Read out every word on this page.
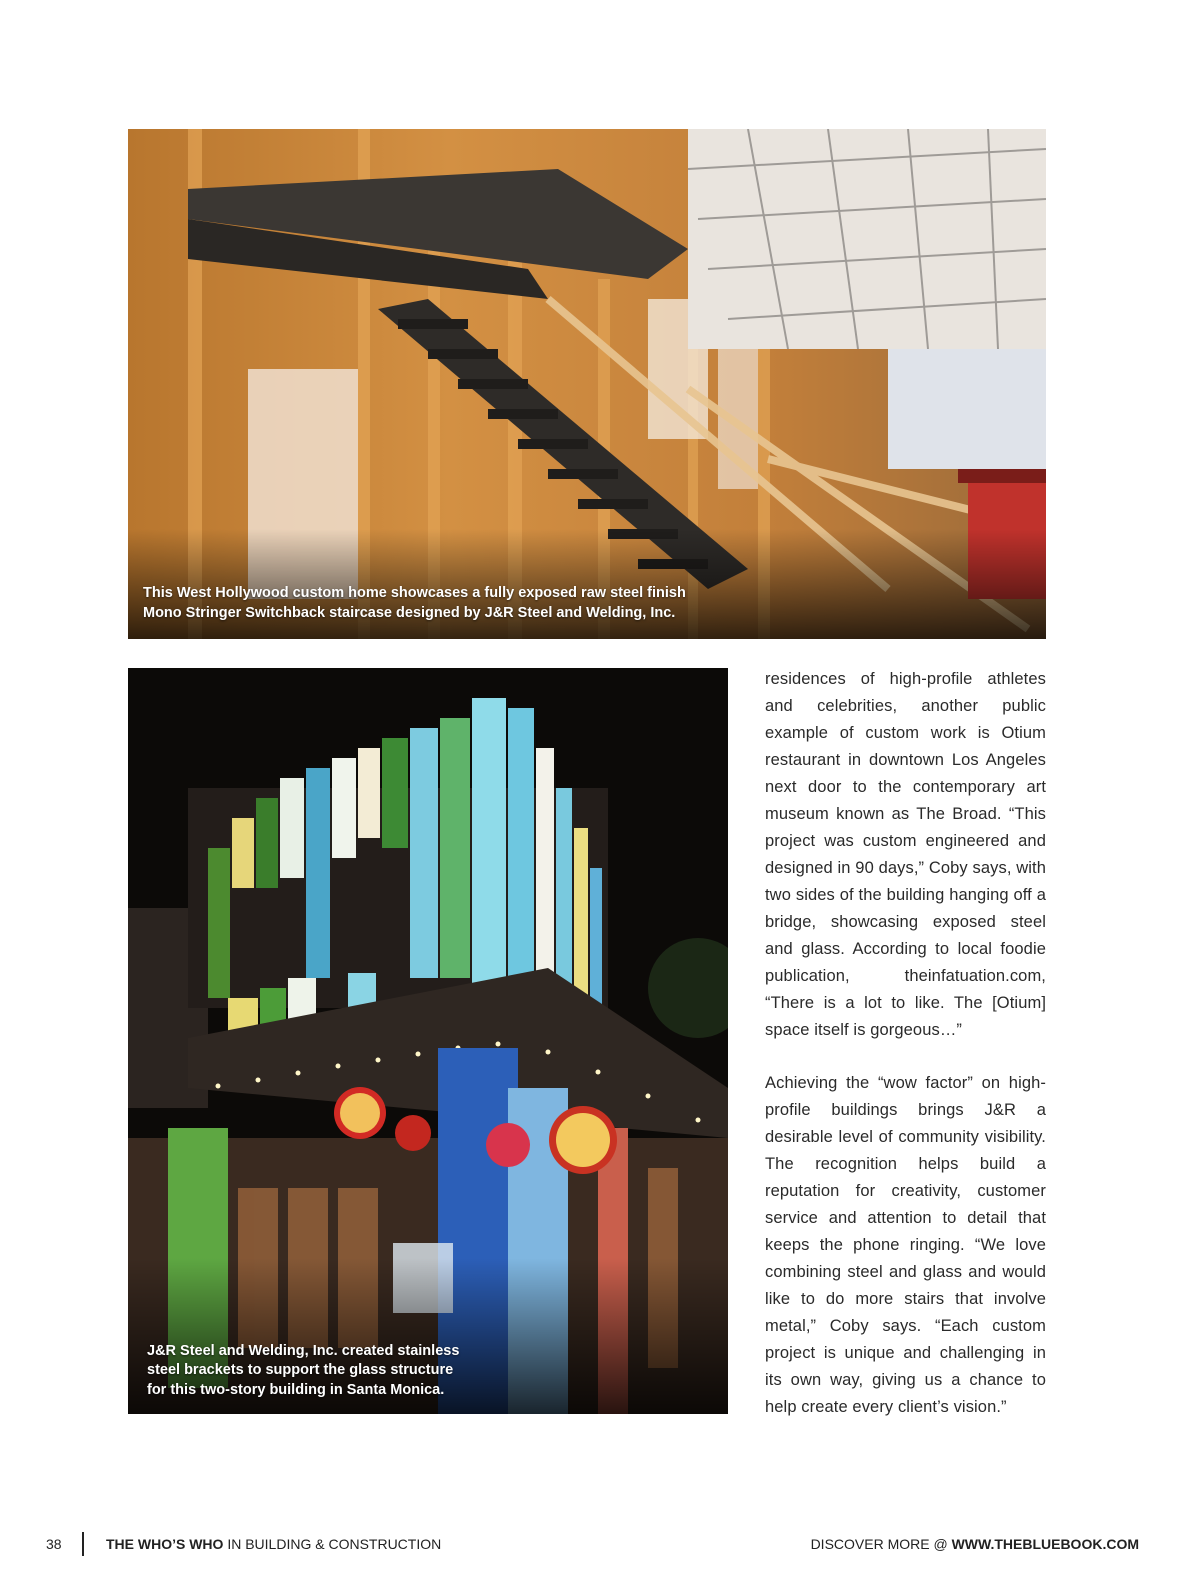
This West Hollywood custom home showcases a fully exposed raw steel finish
Mono Stringer Switchback staircase designed by J&R Steel and Welding, Inc.
J&R Steel and Welding, Inc. created stainless
steel brackets to support the glass structure
for this two-story building in Santa Monica.

residences of high-profile athletes and celebrities, another public example of custom work is Otium restaurant in downtown Los Angeles next door to the contemporary art museum known as The Broad. “This project was custom engineered and designed in 90 days,” Coby says, with two sides of the building hanging off a bridge, showcasing exposed steel and glass. According to local foodie publication, theinfatuation.com, “There is a lot to like. The [Otium] space itself is gorgeous…”

Achieving the “wow factor” on high-profile buildings brings J&R a desirable level of community visibility. The recognition helps build a reputation for creativity, customer service and attention to detail that keeps the phone ringing. “We love combining steel and glass and would like to do more stairs that involve metal,” Coby says. “Each custom project is unique and challenging in its own way, giving us a chance to help create every client’s vision.”

38	THE WHO’S WHO IN BUILDING & CONSTRUCTION	DISCOVER MORE @ WWW.THEBLUEBOOK.COM
